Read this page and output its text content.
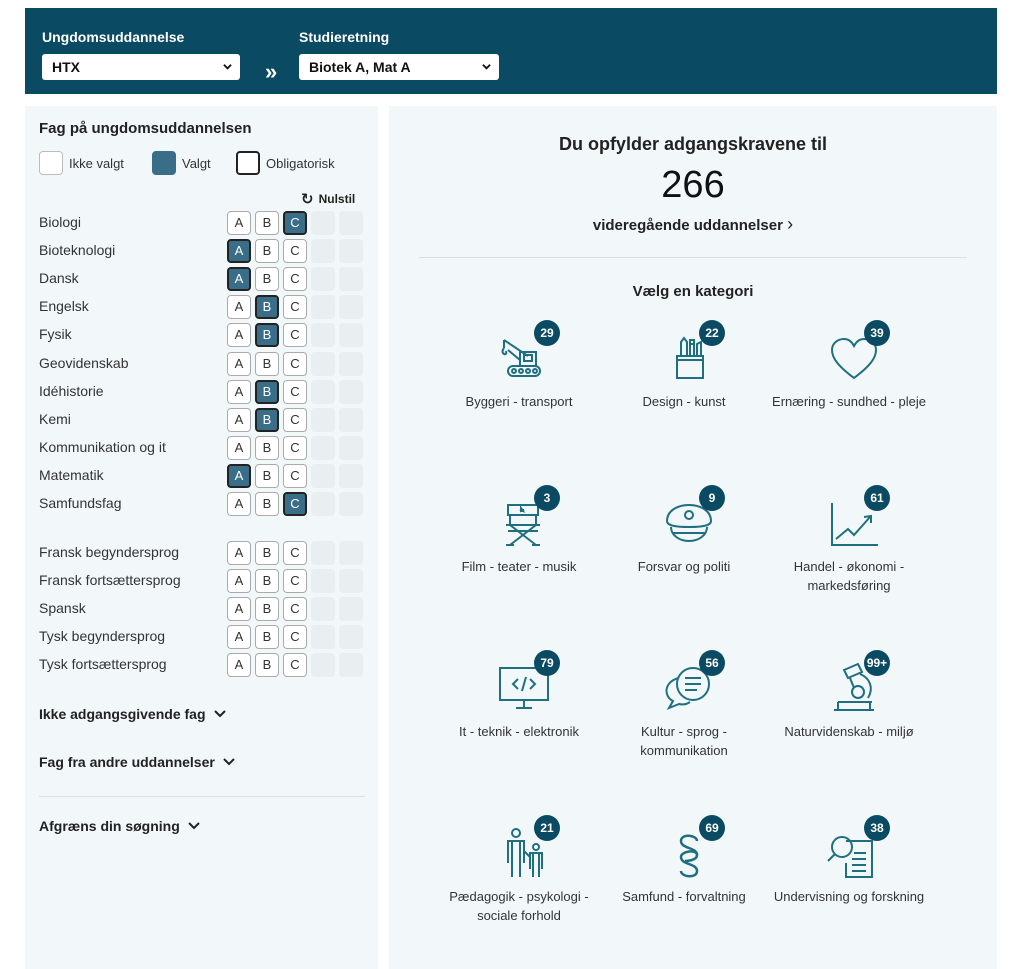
Ungdomsuddannelse
HTX	»
Studieretning
Biotek A, Mat A
Fag på ungdomsuddannelsen
Ikke valgt	Valgt	Obligatorisk
↻ Nulstil
Biologi	A	B	C
Bioteknologi	A	B	C
Dansk	A	B	C
Engelsk	A	B	C
Fysik	A	B	C
Geovidenskab	A	B	C
Idéhistorie	A	B	C
Kemi	A	B	C
Kommunikation og it	A	B	C
Matematik	A	B	C
Samfundsfag	A	B	C
Fransk begyndersprog	A	B	C
Fransk fortsættersprog	A	B	C
Spansk	A	B	C
Tysk begyndersprog	A	B	C
Tysk fortsættersprog	A	B	C
Ikke adgangsgivende fag
Fag fra andre uddannelser
Afgræns din søgning
Du opfylder adgangskravene til
266
videregående uddannelser ›
Vælg en kategori
29
Byggeri - transport
22
Design - kunst
39
Ernæring - sundhed - pleje
3
Film - teater - musik
9
Forsvar og politi
61
Handel - økonomi - markedsføring
79
It - teknik - elektronik
56
Kultur - sprog - kommunikation
99+
Naturvidenskab - miljø
21
Pædagogik - psykologi - sociale forhold
69
Samfund - forvaltning
38
Undervisning og forskning
